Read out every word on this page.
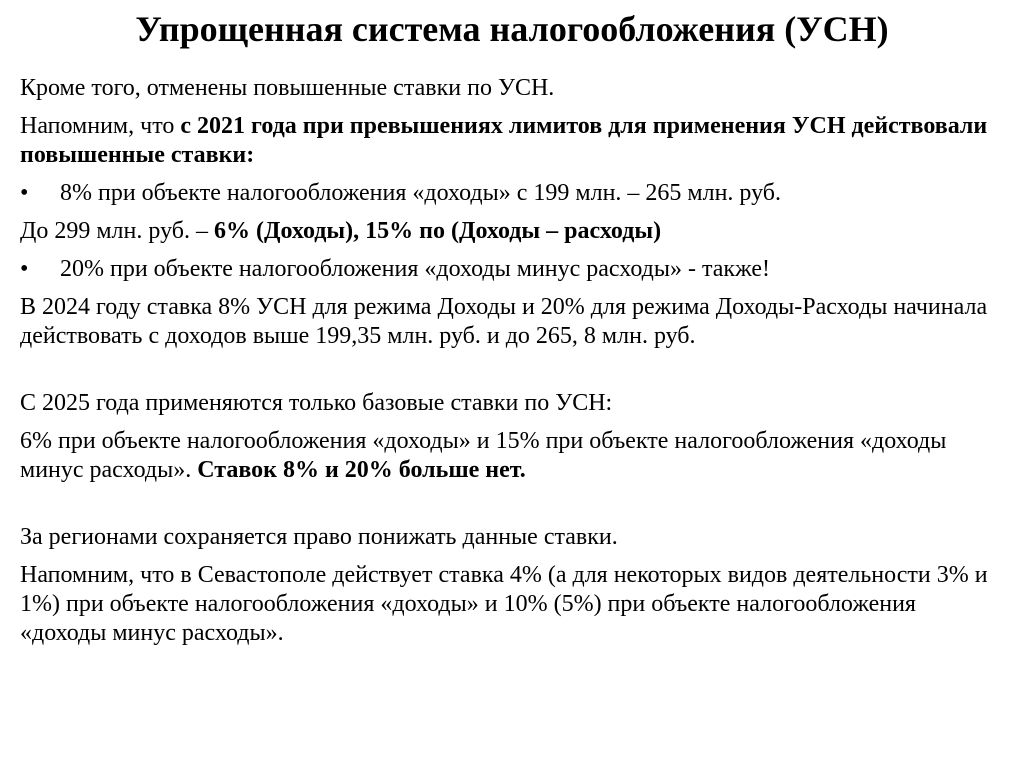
Упрощенная система налогообложения (УСН)
Кроме того, отменены повышенные ставки по УСН.
Напомним, что с 2021 года при превышениях лимитов для применения УСН действовали повышенные ставки:
• 8% при объекте налогообложения «доходы» с 199 млн. – 265 млн. руб.
До 299 млн. руб. – 6% (Доходы), 15% по (Доходы – расходы)
• 20% при объекте налогообложения «доходы минус расходы» - также!
В 2024 году ставка 8% УСН для режима Доходы и 20% для режима Доходы-Расходы начинала действовать с доходов выше 199,35 млн. руб. и до 265, 8 млн. руб.
С 2025 года применяются только базовые ставки по УСН:
6% при объекте налогообложения «доходы» и 15% при объекте налогообложения «доходы минус расходы». Ставок 8% и 20% больше нет.
За регионами сохраняется право понижать данные ставки.
Напомним, что в Севастополе действует ставка 4% (а для некоторых видов деятельности 3% и 1%) при объекте налогообложения «доходы» и 10% (5%) при объекте налогообложения «доходы минус расходы».
